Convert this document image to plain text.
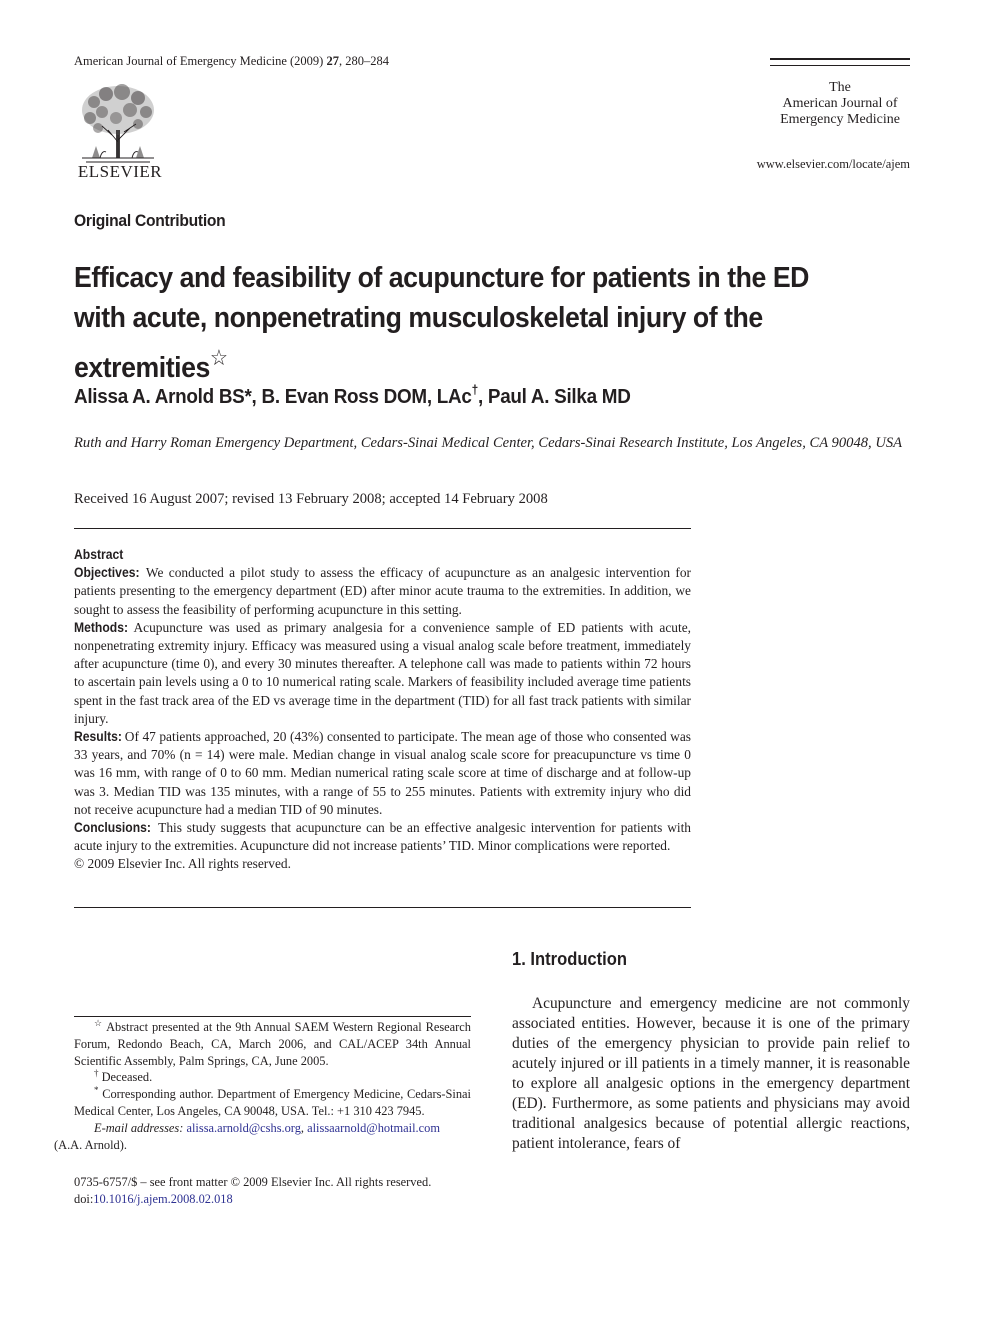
American Journal of Emergency Medicine (2009) 27, 280–284
ELSEVIER
The
American Journal of
Emergency Medicine
www.elsevier.com/locate/ajem
Original Contribution
Efficacy and feasibility of acupuncture for patients in the ED with acute, nonpenetrating musculoskeletal injury of the extremities☆
Alissa A. Arnold BS*, B. Evan Ross DOM, LAc†, Paul A. Silka MD
Ruth and Harry Roman Emergency Department, Cedars-Sinai Medical Center, Cedars-Sinai Research Institute, Los Angeles, CA 90048, USA
Received 16 August 2007; revised 13 February 2008; accepted 14 February 2008

Abstract

Objectives: We conducted a pilot study to assess the efficacy of acupuncture as an analgesic intervention for patients presenting to the emergency department (ED) after minor acute trauma to the extremities. In addition, we sought to assess the feasibility of performing acupuncture in this setting.

Methods: Acupuncture was used as primary analgesia for a convenience sample of ED patients with acute, nonpenetrating extremity injury. Efficacy was measured using a visual analog scale before treatment, immediately after acupuncture (time 0), and every 30 minutes thereafter. A telephone call was made to patients within 72 hours to ascertain pain levels using a 0 to 10 numerical rating scale. Markers of feasibility included average time patients spent in the fast track area of the ED vs average time in the department (TID) for all fast track patients with similar injury.

Results: Of 47 patients approached, 20 (43%) consented to participate. The mean age of those who consented was 33 years, and 70% (n = 14) were male. Median change in visual analog scale score for preacupuncture vs time 0 was 16 mm, with range of 0 to 60 mm. Median numerical rating scale score at time of discharge and at follow-up was 3. Median TID was 135 minutes, with a range of 55 to 255 minutes. Patients with extremity injury who did not receive acupuncture had a median TID of 90 minutes.

Conclusions: This study suggests that acupuncture can be an effective analgesic intervention for patients with acute injury to the extremities. Acupuncture did not increase patients’ TID. Minor complications were reported.

© 2009 Elsevier Inc. All rights reserved.

1. Introduction
Acupuncture and emergency medicine are not commonly associated entities. However, because it is one of the primary duties of the emergency physician to provide pain relief to acutely injured or ill patients in a timely manner, it is reasonable to explore all analgesic options in the emergency department (ED). Furthermore, as some patients and physicians may avoid traditional analgesics because of potential allergic reactions, patient intolerance, fears of

☆ Abstract presented at the 9th Annual SAEM Western Regional Research Forum, Redondo Beach, CA, March 2006, and CAL/ACEP 34th Annual Scientific Assembly, Palm Springs, CA, June 2005.

† Deceased.

* Corresponding author. Department of Emergency Medicine, Cedars-Sinai Medical Center, Los Angeles, CA 90048, USA. Tel.: +1 310 423 7945.

E-mail addresses: alissa.arnold@cshs.org, alissaarnold@hotmail.com
(A.A. Arnold).

0735-6757/$ – see front matter © 2009 Elsevier Inc. All rights reserved.
doi:10.1016/j.ajem.2008.02.018
